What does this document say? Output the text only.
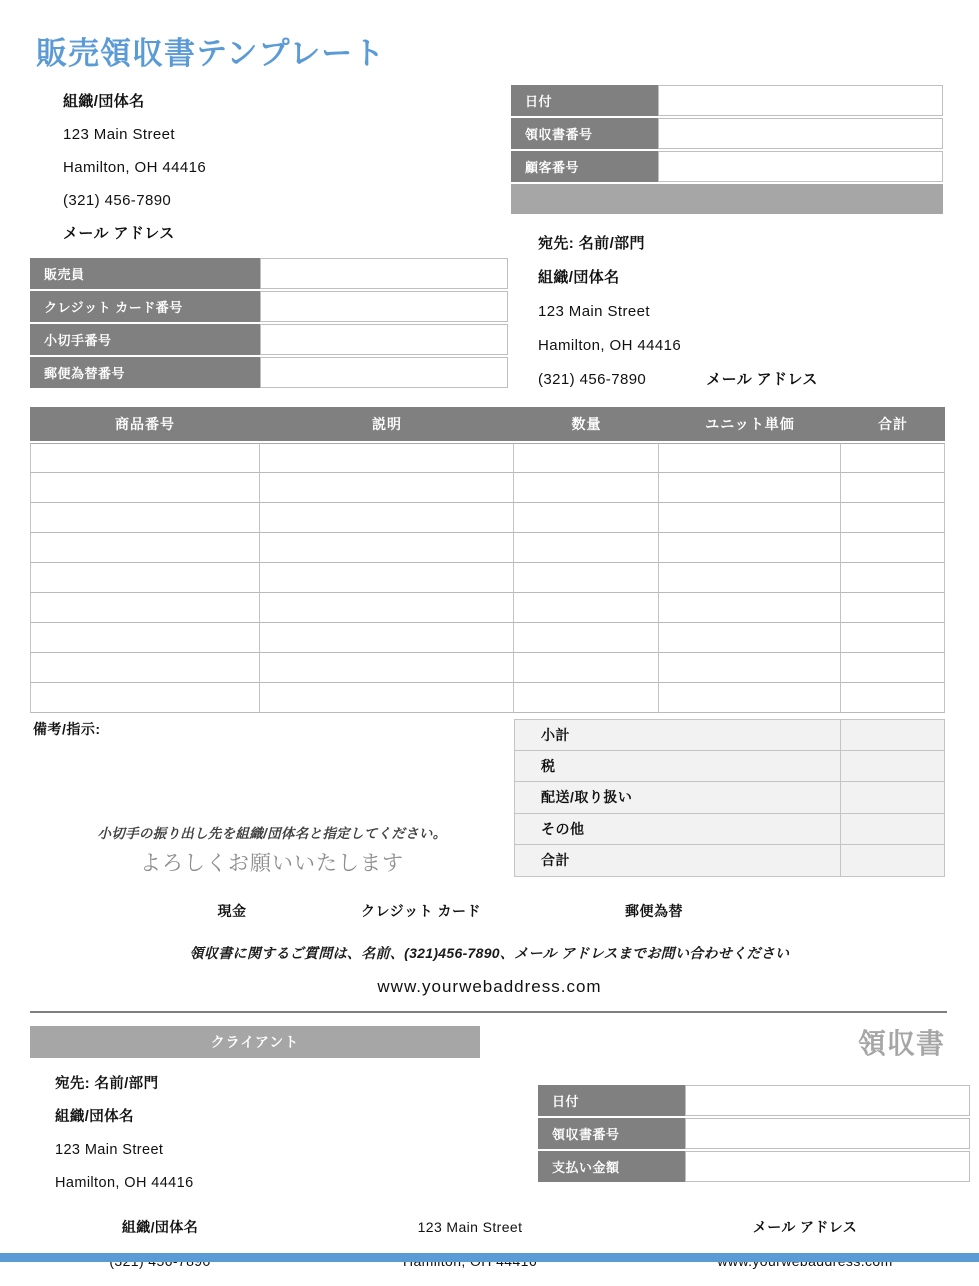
販売領収書テンプレート
組織/団体名
123 Main Street
Hamilton, OH 44416
(321) 456-7890
メール アドレス
販売員
クレジット カード番号
小切手番号
郵便為替番号
日付
領収書番号
顧客番号
宛先: 名前/部門
組織/団体名
123 Main Street
Hamilton, OH 44416
(321) 456-7890	メール アドレス
商品番号	説明	数量	ユニット単価	合計
備考/指示:
小切手の振り出し先を組織/団体名と指定してください。
よろしくお願いいたします
小計
税
配送/取り扱い
その他
合計
現金	クレジット カード	郵便為替
領収書に関するご質問は、名前、(321)456-7890、メール アドレスまでお問い合わせください
www.yourwebaddress.com
クライアント	領収書
宛先: 名前/部門
組織/団体名
123 Main Street
Hamilton, OH 44416
日付
領収書番号
支払い金額
組織/団体名	123 Main Street	メール アドレス
